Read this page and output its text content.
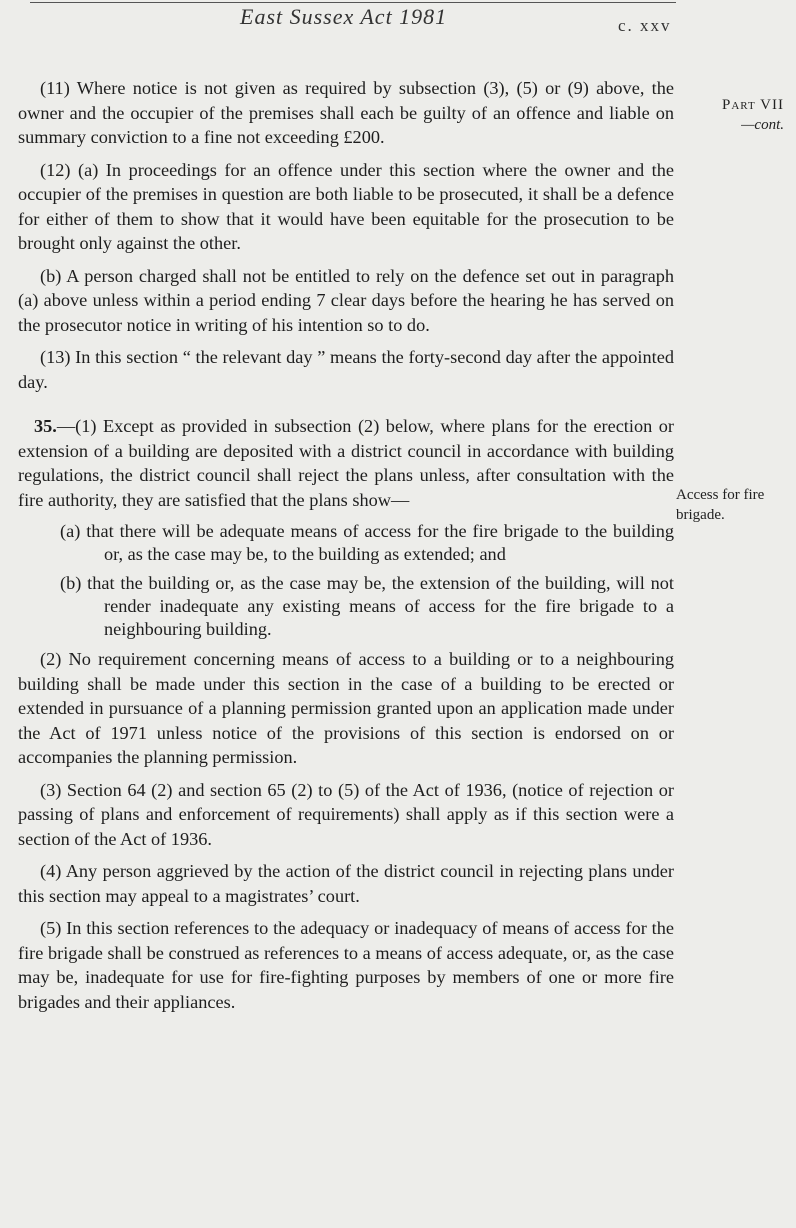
East Sussex Act 1981	c. xxv
Part VII
—cont.
Access for fire brigade.

(11) Where notice is not given as required by subsection (3), (5) or (9) above, the owner and the occupier of the premises shall each be guilty of an offence and liable on summary conviction to a fine not exceeding £200.

(12) (a) In proceedings for an offence under this section where the owner and the occupier of the premises in question are both liable to be prosecuted, it shall be a defence for either of them to show that it would have been equitable for the prosecution to be brought only against the other.

(b) A person charged shall not be entitled to rely on the defence set out in paragraph (a) above unless within a period ending 7 clear days before the hearing he has served on the prosecutor notice in writing of his intention so to do.

(13) In this section “ the relevant day ” means the forty-second day after the appointed day.

35.—(1) Except as provided in subsection (2) below, where plans for the erection or extension of a building are deposited with a district council in accordance with building regulations, the district council shall reject the plans unless, after consultation with the fire authority, they are satisfied that the plans show—

(a) that there will be adequate means of access for the fire brigade to the building or, as the case may be, to the building as extended; and

(b) that the building or, as the case may be, the extension of the building, will not render inadequate any existing means of access for the fire brigade to a neighbouring building.

(2) No requirement concerning means of access to a building or to a neighbouring building shall be made under this section in the case of a building to be erected or extended in pursuance of a planning permission granted upon an application made under the Act of 1971 unless notice of the provisions of this section is endorsed on or accompanies the planning permission.

(3) Section 64 (2) and section 65 (2) to (5) of the Act of 1936, (notice of rejection or passing of plans and enforcement of requirements) shall apply as if this section were a section of the Act of 1936.

(4) Any person aggrieved by the action of the district council in rejecting plans under this section may appeal to a magistrates’ court.

(5) In this section references to the adequacy or inadequacy of means of access for the fire brigade shall be construed as references to a means of access adequate, or, as the case may be, inadequate for use for fire-fighting purposes by members of one or more fire brigades and their appliances.
